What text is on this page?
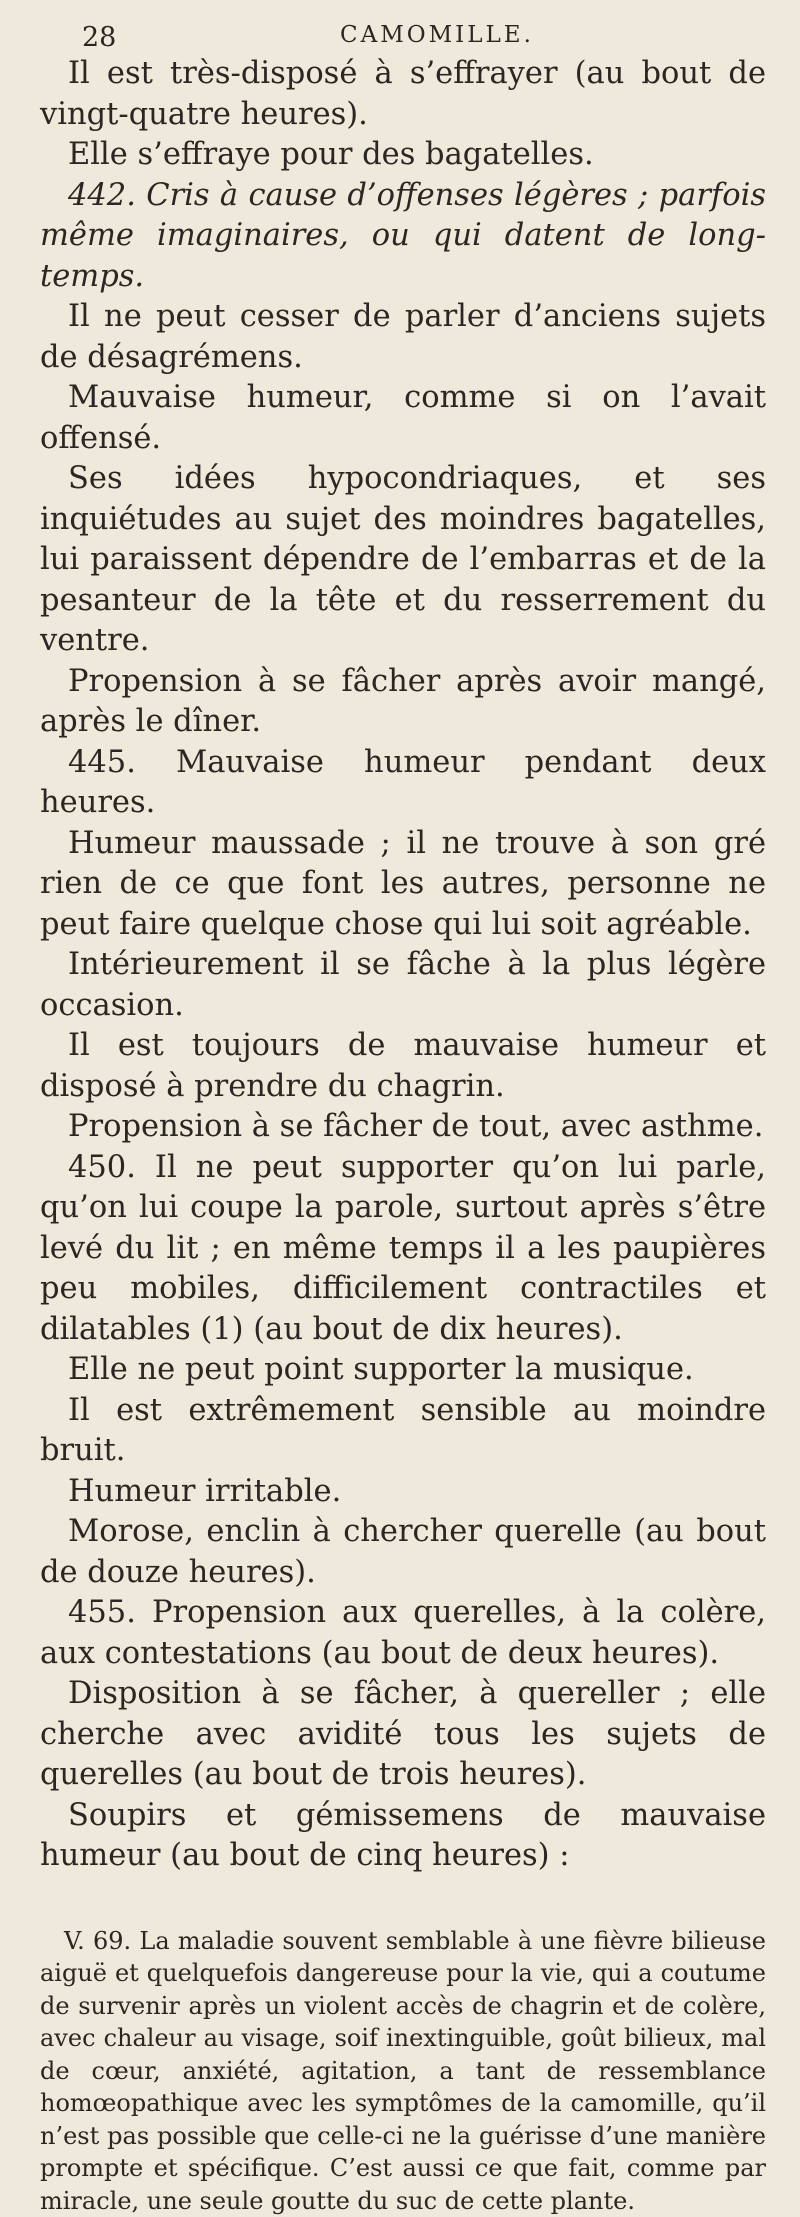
28	CAMOMILLE.

Il est très-disposé à s’effrayer (au bout de vingt-quatre heures).

Elle s’effraye pour des bagatelles.

442. Cris à cause d’offenses légères ; parfois même imaginaires, ou qui datent de long-temps.

Il ne peut cesser de parler d’anciens sujets de désagrémens.

Mauvaise humeur, comme si on l’avait offensé.

Ses idées hypocondriaques, et ses inquiétudes au sujet des moindres bagatelles, lui paraissent dépendre de l’embarras et de la pesanteur de la tête et du resserrement du ventre.

Propension à se fâcher après avoir mangé, après le dîner.

445. Mauvaise humeur pendant deux heures.

Humeur maussade ; il ne trouve à son gré rien de ce que font les autres, personne ne peut faire quelque chose qui lui soit agréable.

Intérieurement il se fâche à la plus légère occasion.

Il est toujours de mauvaise humeur et disposé à prendre du chagrin.

Propension à se fâcher de tout, avec asthme.

450. Il ne peut supporter qu’on lui parle, qu’on lui coupe la parole, surtout après s’être levé du lit ; en même temps il a les paupières peu mobiles, difficilement contractiles et dilatables (1) (au bout de dix heures).

Elle ne peut point supporter la musique.

Il est extrêmement sensible au moindre bruit.

Humeur irritable.

Morose, enclin à chercher querelle (au bout de douze heures).

455. Propension aux querelles, à la colère, aux contestations (au bout de deux heures).

Disposition à se fâcher, à quereller ; elle cherche avec avidité tous les sujets de querelles (au bout de trois heures).

Soupirs et gémissemens de mauvaise humeur (au bout de cinq heures) :

V. 69. La maladie souvent semblable à une fièvre bilieuse aiguë et quelquefois dangereuse pour la vie, qui a coutume de survenir après un violent accès de chagrin et de colère, avec chaleur au visage, soif inextinguible, goût bilieux, mal de cœur, anxiété, agitation, a tant de ressemblance homœopathique avec les symptômes de la camomille, qu’il n’est pas possible que celle-ci ne la guérisse d’une manière prompte et spécifique. C’est aussi ce que fait, comme par miracle, une seule goutte du suc de cette plante.
